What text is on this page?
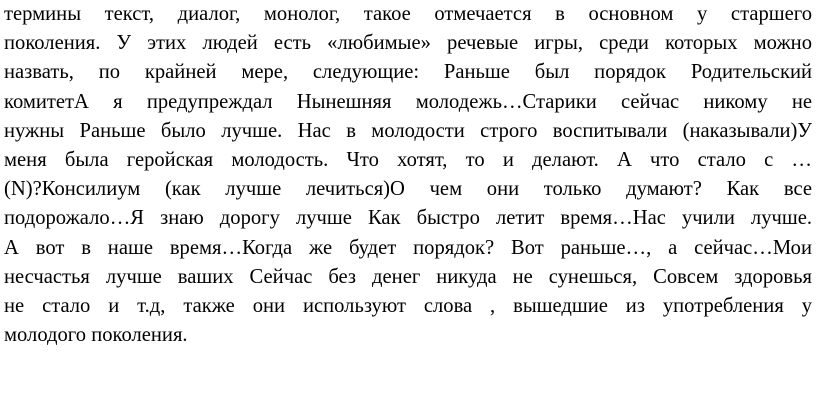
термины текст, диалог, монолог, такое отмечается в основном у старшего
поколения. У этих людей есть «любимые» речевые игры, среди которых можно
назвать, по крайней мере, следующие: Раньше был порядок Родительский
комитетА я предупреждал Нынешняя молодежь…Старики сейчас никому не
нужны Раньше было лучше. Нас в молодости строго воспитывали (наказывали)У
меня была геройская молодость. Что хотят, то и делают. А что стало с …
(N)?Консилиум (как лучше лечиться)О чем они только думают? Как все
подорожало…Я знаю дорогу лучше Как быстро летит время…Нас учили лучше.
А вот в наше время…Когда же будет порядок? Вот раньше…, а сейчас…Мои
несчастья лучше ваших Сейчас без денег никуда не сунешься, Совсем здоровья
не стало и т.д, также они используют слова , вышедшие из употребления у
молодого поколения.
